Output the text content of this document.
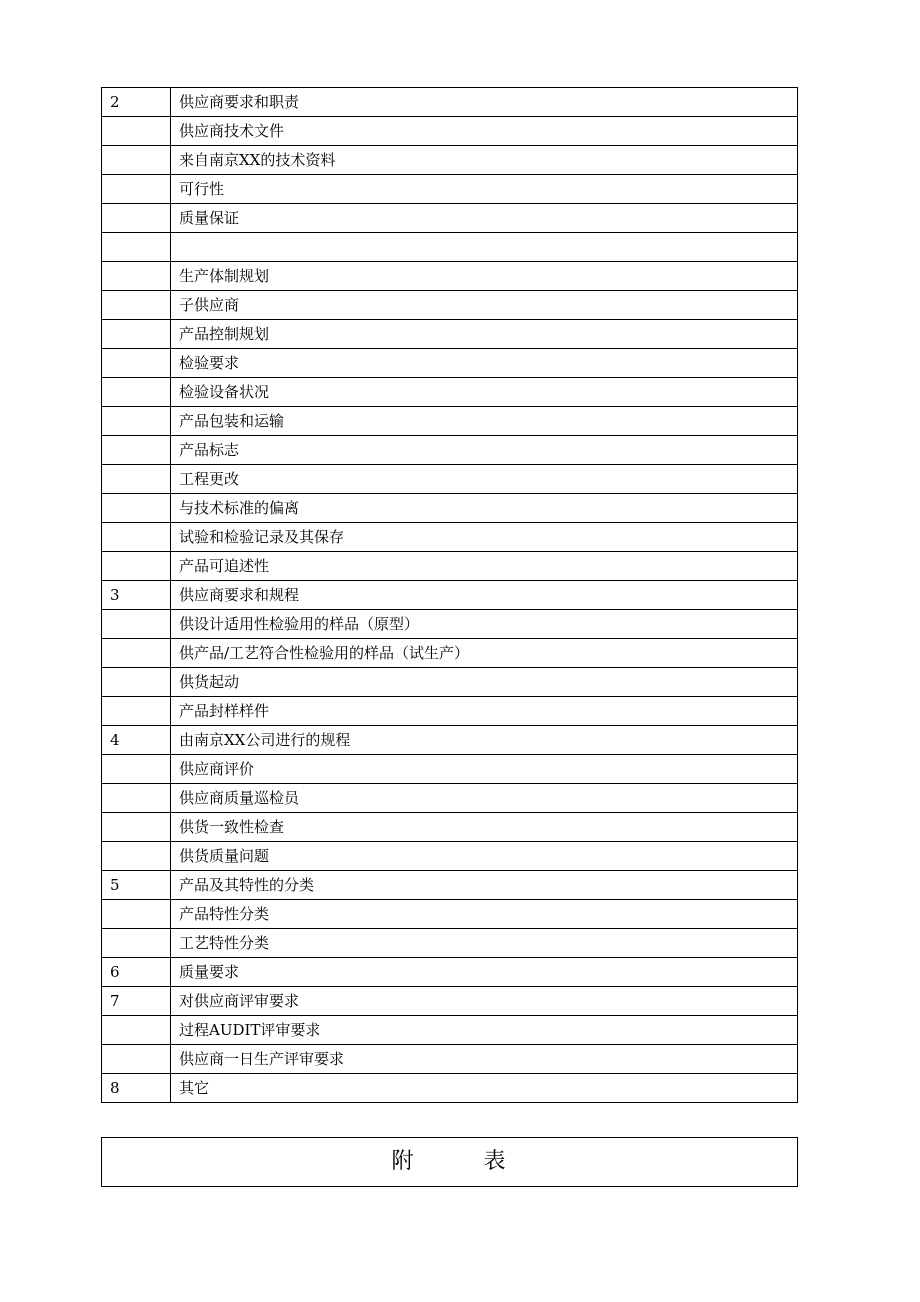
2	供应商要求和职责
	供应商技术文件
	来自南京XX的技术资料
	可行性
	质量保证

	生产体制规划
	子供应商
	产品控制规划
	检验要求
	检验设备状况
	产品包装和运输
	产品标志
	工程更改
	与技术标准的偏离
	试验和检验记录及其保存
	产品可追述性
3	供应商要求和规程
	供设计适用性检验用的样品（原型）
	供产品/工艺符合性检验用的样品（试生产）
	供货起动
	产品封样样件
4	由南京XX公司进行的规程
	供应商评价
	供应商质量巡检员
	供货一致性检查
	供货质量问题
5	产品及其特性的分类
	产品特性分类
	工艺特性分类
6	质量要求
7	对供应商评审要求
	过程AUDIT评审要求
	供应商一日生产评审要求
8	其它
附	表
